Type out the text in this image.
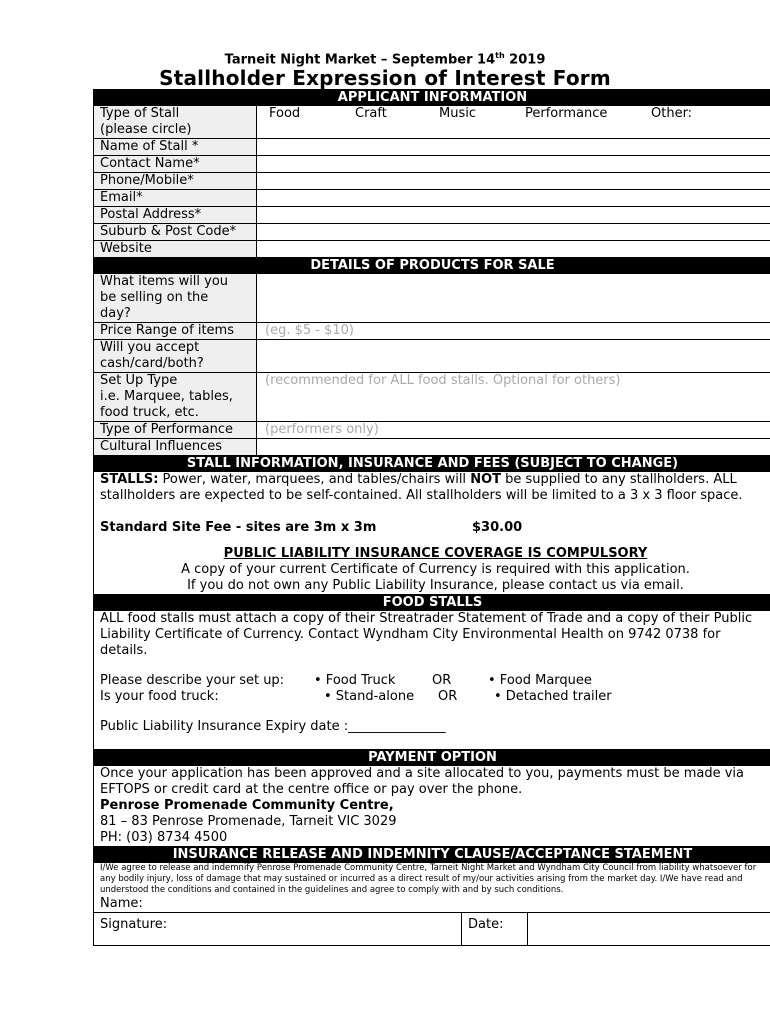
Tarneit Night Market – September 14th 2019
Stallholder Expression of Interest Form
APPLICANT INFORMATION
Type of Stall
(please circle)
Food	Craft	Music	Performance	Other:
Name of Stall *
Contact Name*
Phone/Mobile*
Email*
Postal Address*
Suburb & Post Code*
Website
DETAILS OF PRODUCTS FOR SALE
What items will you
be selling on the
day?
Price Range of items	(eg. $5 - $10)
Will you accept
cash/card/both?
Set Up Type
i.e. Marquee, tables,
food truck, etc.
(recommended for ALL food stalls. Optional for others)
Type of Performance	(performers only)
Cultural Influences
STALL INFORMATION, INSURANCE AND FEES (SUBJECT TO CHANGE)

STALLS: Power, water, marquees, and tables/chairs will NOT be supplied to any stallholders. ALL stallholders are expected to be self-contained. All stallholders will be limited to a 3 x 3 floor space.

Standard Site Fee - sites are 3m x 3m	$30.00

PUBLIC LIABILITY INSURANCE COVERAGE IS COMPULSORY

A copy of your current Certificate of Currency is required with this application.

If you do not own any Public Liability Insurance, please contact us via email.

FOOD STALLS

ALL food stalls must attach a copy of their Streatrader Statement of Trade and a copy of their Public Liability Certificate of Currency. Contact Wyndham City Environmental Health on 9742 0738 for details.

Please describe your set up: • Food Truck	OR	• Food Marquee

Is your food truck:	• Stand-alone OR	• Detached trailer

Public Liability Insurance Expiry date :_______________

PAYMENT OPTION

Once your application has been approved and a site allocated to you, payments must be made via EFTOPS or credit card at the centre office or pay over the phone.

Penrose Promenade Community Centre,

81 – 83 Penrose Promenade, Tarneit VIC 3029

PH: (03) 8734 4500

INSURANCE RELEASE AND INDEMNITY CLAUSE/ACCEPTANCE STAEMENT
I/We agree to release and indemnify Penrose Promenade Community Centre, Tarneit Night Market and Wyndham City Council from liability whatsoever for any bodily injury, loss of damage that may sustained or incurred as a direct result of my/our activities arising from the market day. I/We have read and understood the conditions and contained in the guidelines and agree to comply with and by such conditions.
Name:
Signature:	Date:
